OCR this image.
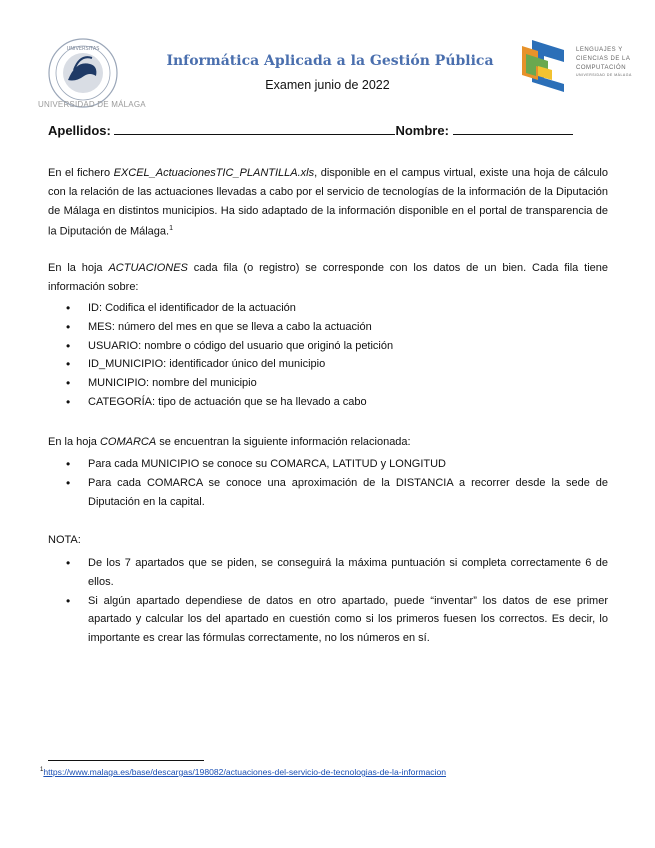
UNIVERSITAS
UNIVERSIDAD DE MÁLAGA
Informática Aplicada a la Gestión Pública
Examen junio de 2022
LENGUAJES Y
CIENCIAS DE LA
COMPUTACIÓN
UNIVERSIDAD DE MÁLAGA
Apellidos:	Nombre:
En el fichero EXCEL_ActuacionesTIC_PLANTILLA.xls, disponible en el campus virtual, existe una hoja de cálculo con la relación de las actuaciones llevadas a cabo por el servicio de tecnologías de la información de la Diputación de Málaga en distintos municipios. Ha sido adaptado de la información disponible en el portal de transparencia de la Diputación de Málaga.$^1$
En la hoja ACTUACIONES cada fila (o registro) se corresponde con los datos de un bien. Cada fila tiene información sobre:
• ID: Codifica el identificador de la actuación
• MES: número del mes en que se lleva a cabo la actuación
• USUARIO: nombre o código del usuario que originó la petición
• ID_MUNICIPIO: identificador único del municipio
• MUNICIPIO: nombre del municipio
• CATEGORÍA: tipo de actuación que se ha llevado a cabo
En la hoja COMARCA se encuentran la siguiente información relacionada:
• Para cada MUNICIPIO se conoce su COMARCA, LATITUD y LONGITUD
• Para cada COMARCA se conoce una aproximación de la DISTANCIA a recorrer desde la sede de Diputación en la capital.
NOTA:
• De los 7 apartados que se piden, se conseguirá la máxima puntuación si completa correctamente 6 de ellos.
• Si algún apartado dependiese de datos en otro apartado, puede “inventar” los datos de ese primer apartado y calcular los del apartado en cuestión como si los primeros fuesen los correctos. Es decir, lo importante es crear las fórmulas correctamente, no los números en sí.
$^1$https://www.malaga.es/base/descargas/198082/actuaciones-del-servicio-de-tecnologias-de-la-informacion
